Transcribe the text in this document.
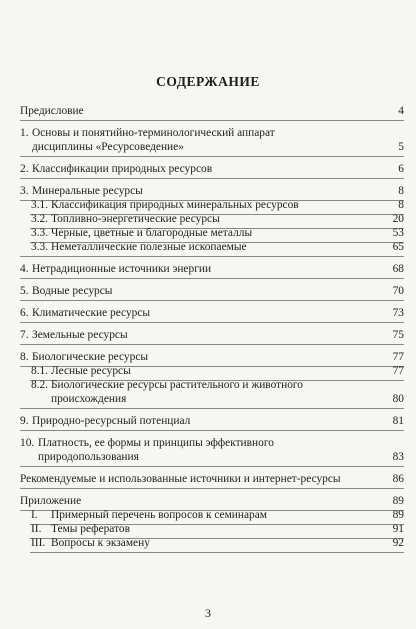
СОДЕРЖАНИЕ
Предисловие	4
1. Основы и понятийно-терминологический аппарат
дисциплины «Ресурсоведение»	5
2. Классификации природных ресурсов	6
3. Минеральные ресурсы	8
3.1. Классификация природных минеральных ресурсов	8
3.2. Топливно-энергетические ресурсы	20
3.3. Черные, цветные и благородные металлы	53
3.3. Неметаллические полезные ископаемые	65
4. Нетрадиционные источники энергии	68
5. Водные ресурсы	70
6. Климатические ресурсы	73
7. Земельные ресурсы	75
8. Биологические ресурсы	77
8.1. Лесные ресурсы	77
8.2. Биологические ресурсы растительного и животного
происхождения	80
9. Природно-ресурсный потенциал	81
10. Платность, ее формы и принципы эффективного
природопользования	83
Рекомендуемые и использованные источники и интернет-ресурсы	86
Приложение	89
I. Примерный перечень вопросов к семинарам	89
II. Темы рефератов	91
III. Вопросы к экзамену	92
3
